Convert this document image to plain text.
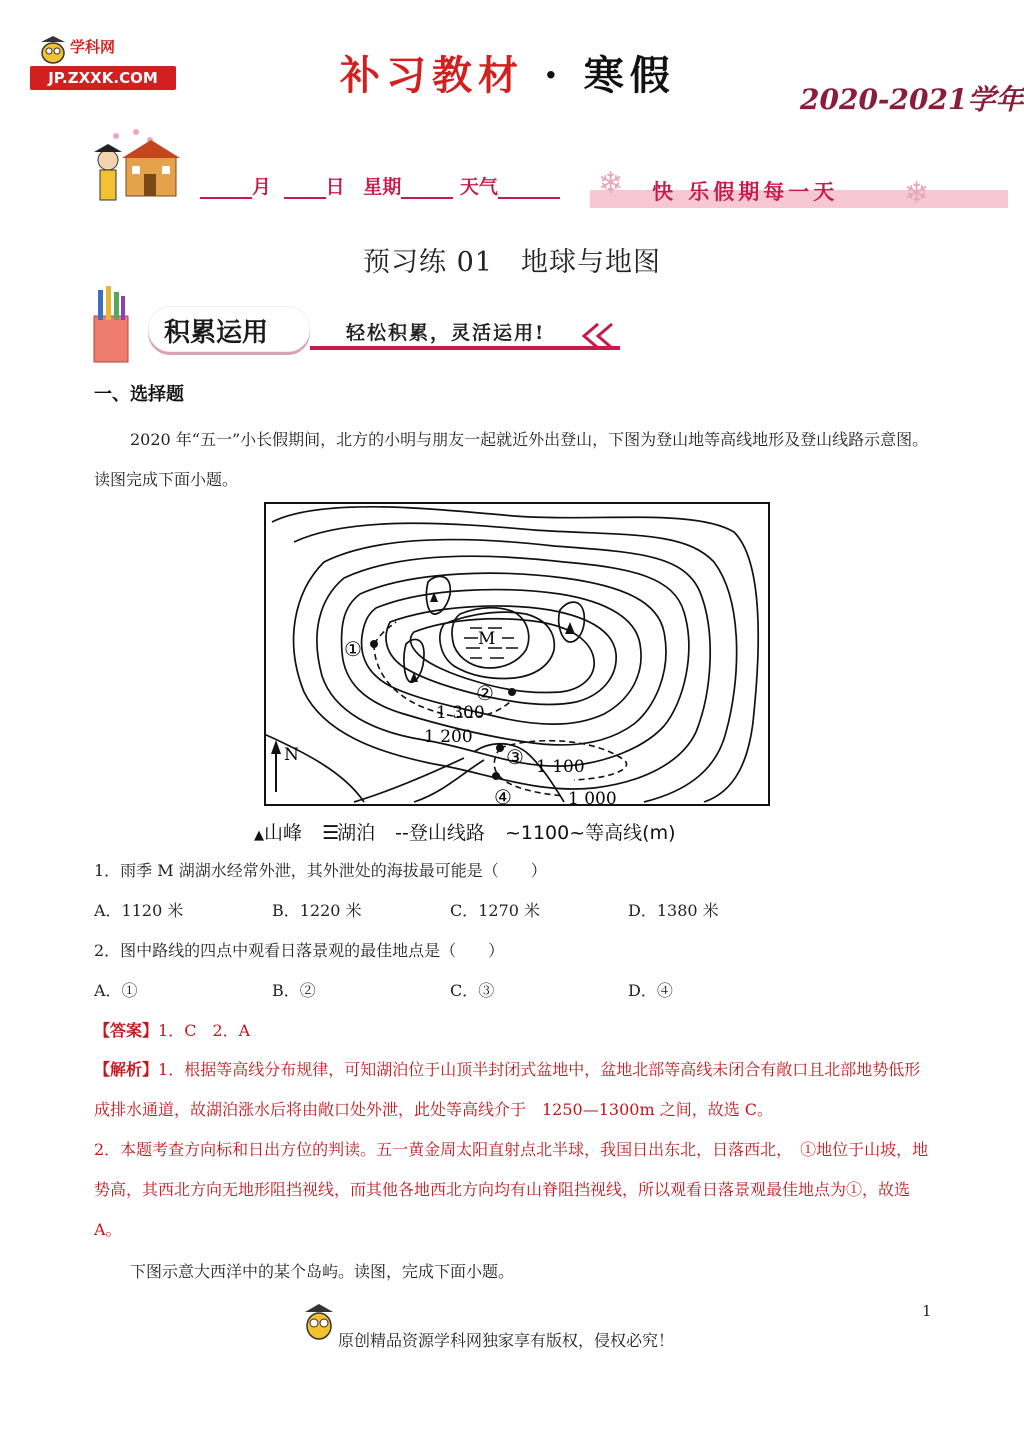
学科网
JP.ZXXK.COM	补习教材 · 寒假
2020-2021学年
月	日 星期	天气	❄ 快 乐假期每一天 ❄
预习练 01　地球与地图
积累运用	轻松积累，灵活运用!
一、选择题
2020 年“五一”小长假期间，北方的小明与朋友一起就近外出登山，下图为登山地等高线地形及登山线路示意图。读图完成下面小题。
M
①
②
③
④
1 300
1 200
1 100
1 000
N
▲山峰 ☰湖泊 --登山线路 ~1100~等高线(m)
1．雨季 M 湖湖水经常外泄，其外泄处的海拔最可能是（　　）
A．1120 米	B．1220 米	C．1270 米	D．1380 米
2．图中路线的四点中观看日落景观的最佳地点是（　　）
A．①	B．②	C．③	D．④
【答案】1．C　2．A
【解析】1．根据等高线分布规律，可知湖泊位于山顶半封闭式盆地中，盆地北部等高线未闭合有敞口且北部地势低形成排水通道，故湖泊涨水后将由敞口处外泄，此处等高线介于　1250—1300m 之间，故选 C。
2．本题考查方向标和日出方位的判读。五一黄金周太阳直射点北半球，我国日出东北，日落西北，　①地位于山坡，地势高，其西北方向无地形阻挡视线，而其他各地西北方向均有山脊阻挡视线，所以观看日落景观最佳地点为①，故选 A。
下图示意大西洋中的某个岛屿。读图，完成下面小题。
1
原创精品资源学科网独家享有版权，侵权必究！
